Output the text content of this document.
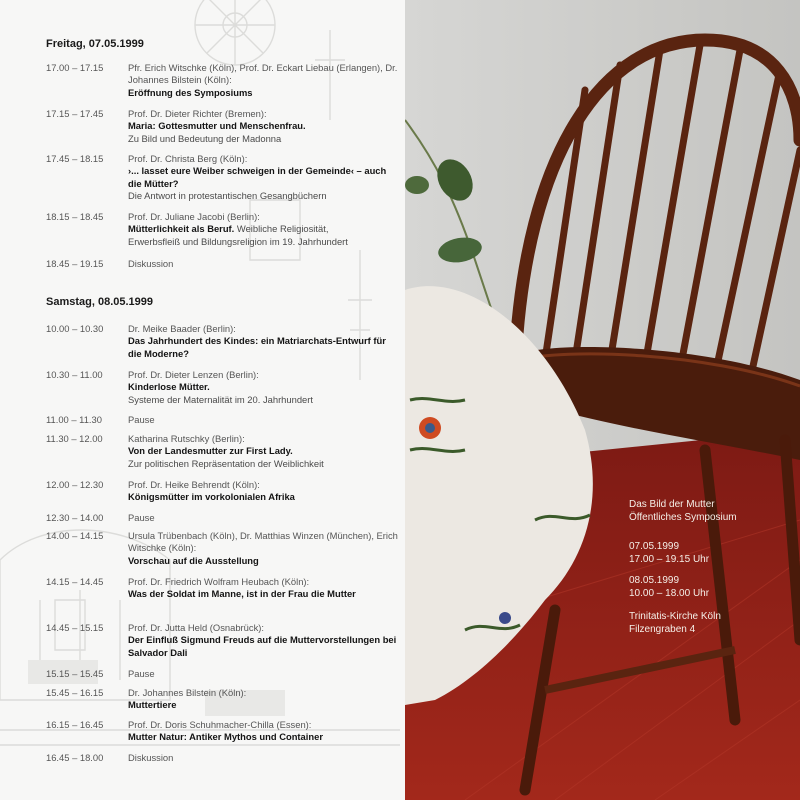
Freitag, 07.05.1999
17.00 – 17.15	Pfr. Erich Witschke (Köln), Prof. Dr. Eckart Liebau (Erlangen), Dr. Johannes Bilstein (Köln):
Eröffnung des Symposiums
17.15 – 17.45	Prof. Dr. Dieter Richter (Bremen):
Maria: Gottesmutter und Menschenfrau.
Zu Bild und Bedeutung der Madonna
17.45 – 18.15	Prof. Dr. Christa Berg (Köln):
›... lasset eure Weiber schweigen in der Gemeinde‹ – auch die Mütter?
Die Antwort in protestantischen Gesangbüchern
18.15 – 18.45	Prof. Dr. Juliane Jacobi (Berlin):
Mütterlichkeit als Beruf. Weibliche Religiosität,
Erwerbsfleiß und Bildungsreligion im 19. Jahrhundert
18.45 – 19.15	Diskussion
Samstag, 08.05.1999
10.00 – 10.30	Dr. Meike Baader (Berlin):
Das Jahrhundert des Kindes: ein Matriarchats-Entwurf für die Moderne?
10.30 – 11.00	Prof. Dr. Dieter Lenzen (Berlin):
Kinderlose Mütter.
Systeme der Maternalität im 20. Jahrhundert
11.00 – 11.30	Pause
11.30 – 12.00	Katharina Rutschky (Berlin):
Von der Landesmutter zur First Lady.
Zur politischen Repräsentation der Weiblichkeit
12.00 – 12.30	Prof. Dr. Heike Behrendt (Köln):
Königsmütter im vorkolonialen Afrika
12.30 – 14.00	Pause
14.00 – 14.15	Ursula Trübenbach (Köln), Dr. Matthias Winzen (München), Erich Witschke (Köln):
Vorschau auf die Ausstellung
14.15 – 14.45	Prof. Dr. Friedrich Wolfram Heubach (Köln):
Was der Soldat im Manne, ist in der Frau die Mutter
14.45 – 15.15	Prof. Dr. Jutta Held (Osnabrück):
Der Einfluß Sigmund Freuds auf die Muttervorstellungen bei Salvador Dali
15.15 – 15.45	Pause
15.45 – 16.15	Dr. Johannes Bilstein (Köln):
Muttertiere
16.15 – 16.45	Prof. Dr. Doris Schuhmacher-Chilla (Essen):
Mutter Natur: Antiker Mythos und Container
16.45 – 18.00	Diskussion
Das Bild der Mutter
Öffentliches Symposium
07.05.1999
17.00 – 19.15 Uhr
08.05.1999
10.00 – 18.00 Uhr
Trinitatis-Kirche Köln
Filzengraben 4
